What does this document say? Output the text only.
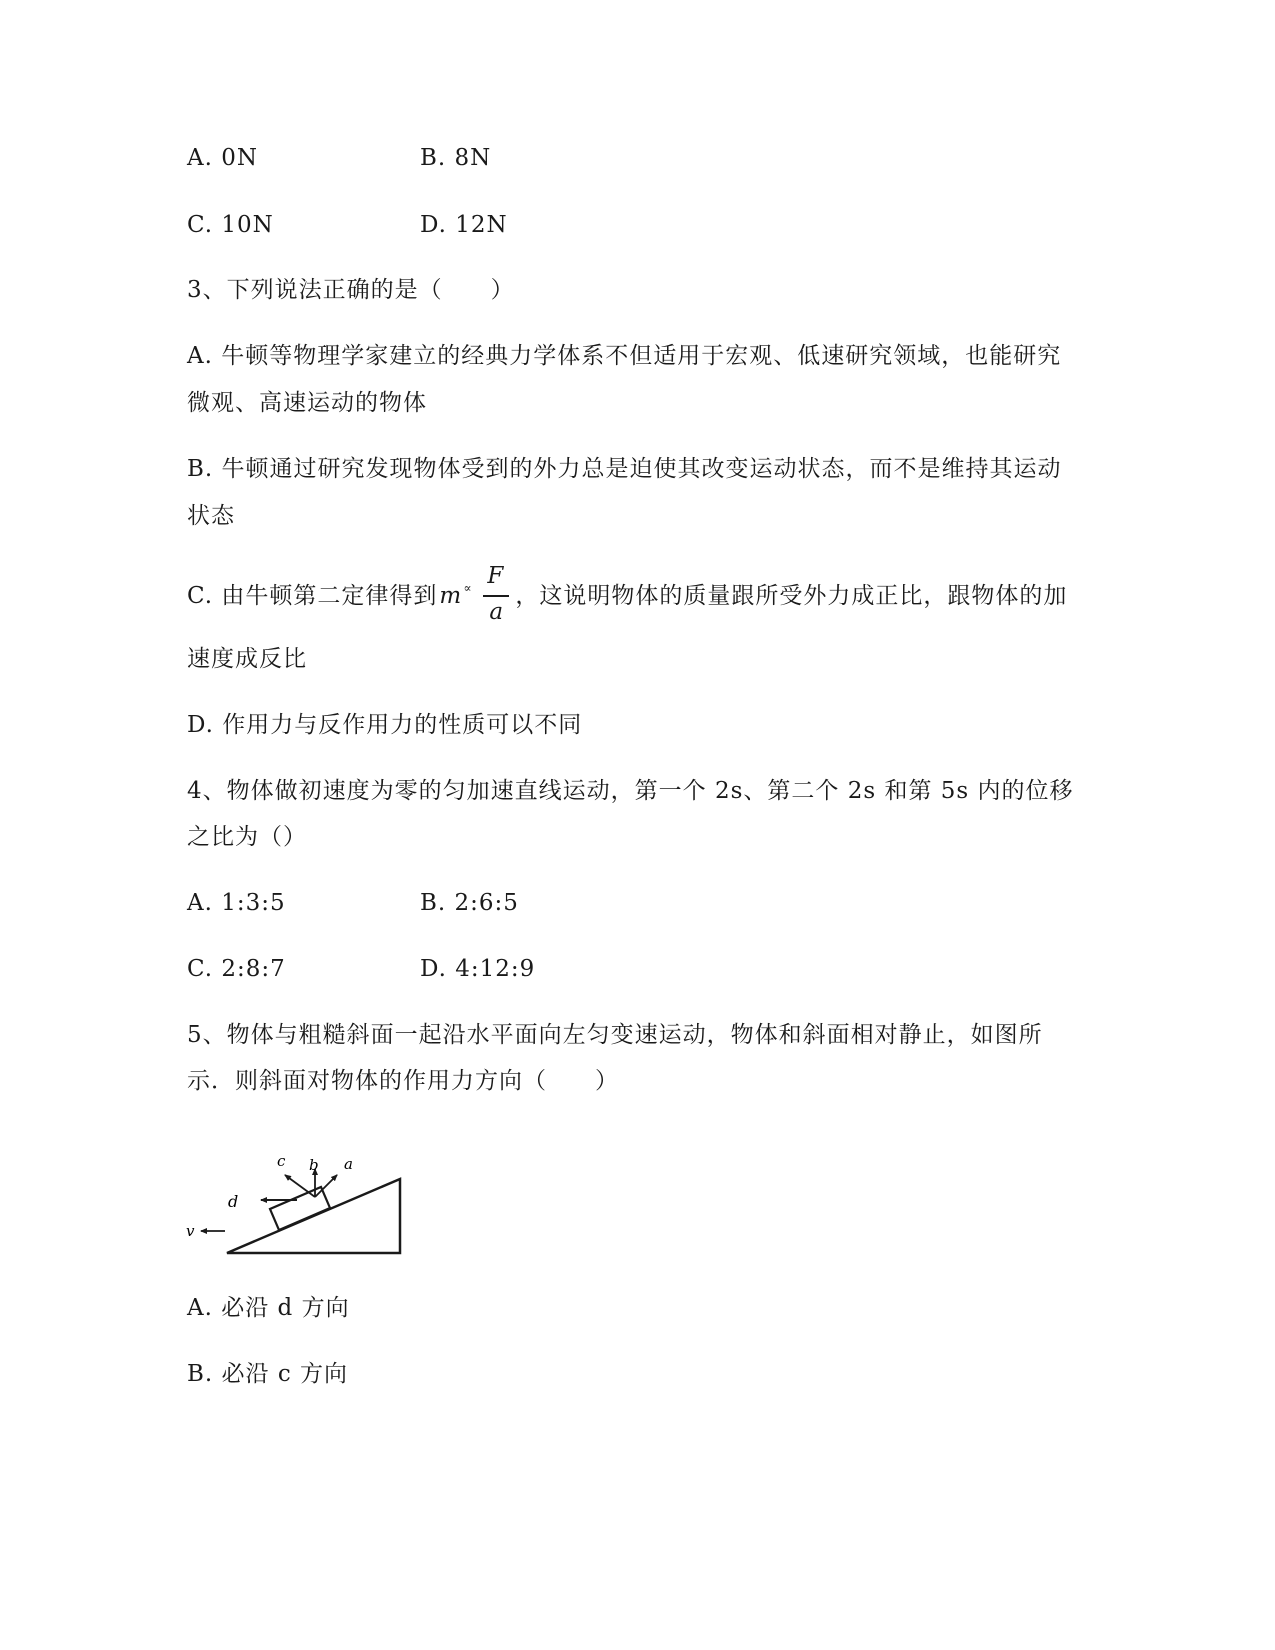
A. 0N	B. 8N
C. 10N	D. 12N
3、下列说法正确的是（　　）
A. 牛顿等物理学家建立的经典力学体系不但适用于宏观、低速研究领域，也能研究
微观、高速运动的物体
B. 牛顿通过研究发现物体受到的外力总是迫使其改变运动状态，而不是维持其运动
状态
C. 由牛顿第二定律得到 m ∝ F
a
，这说明物体的质量跟所受外力成正比，跟物体的加
速度成反比
D. 作用力与反作用力的性质可以不同
4、物体做初速度为零的匀加速直线运动，第一个 2s、第二个 2s 和第 5s 内的位移
之比为（）
A. 1:3:5	B. 2:6:5
C. 2:8:7	D. 4:12:9
5、物体与粗糙斜面一起沿水平面向左匀变速运动，物体和斜面相对静止，如图所
示．则斜面对物体的作用力方向（　　）
c b a
d
v
A. 必沿 d 方向
B. 必沿 c 方向
